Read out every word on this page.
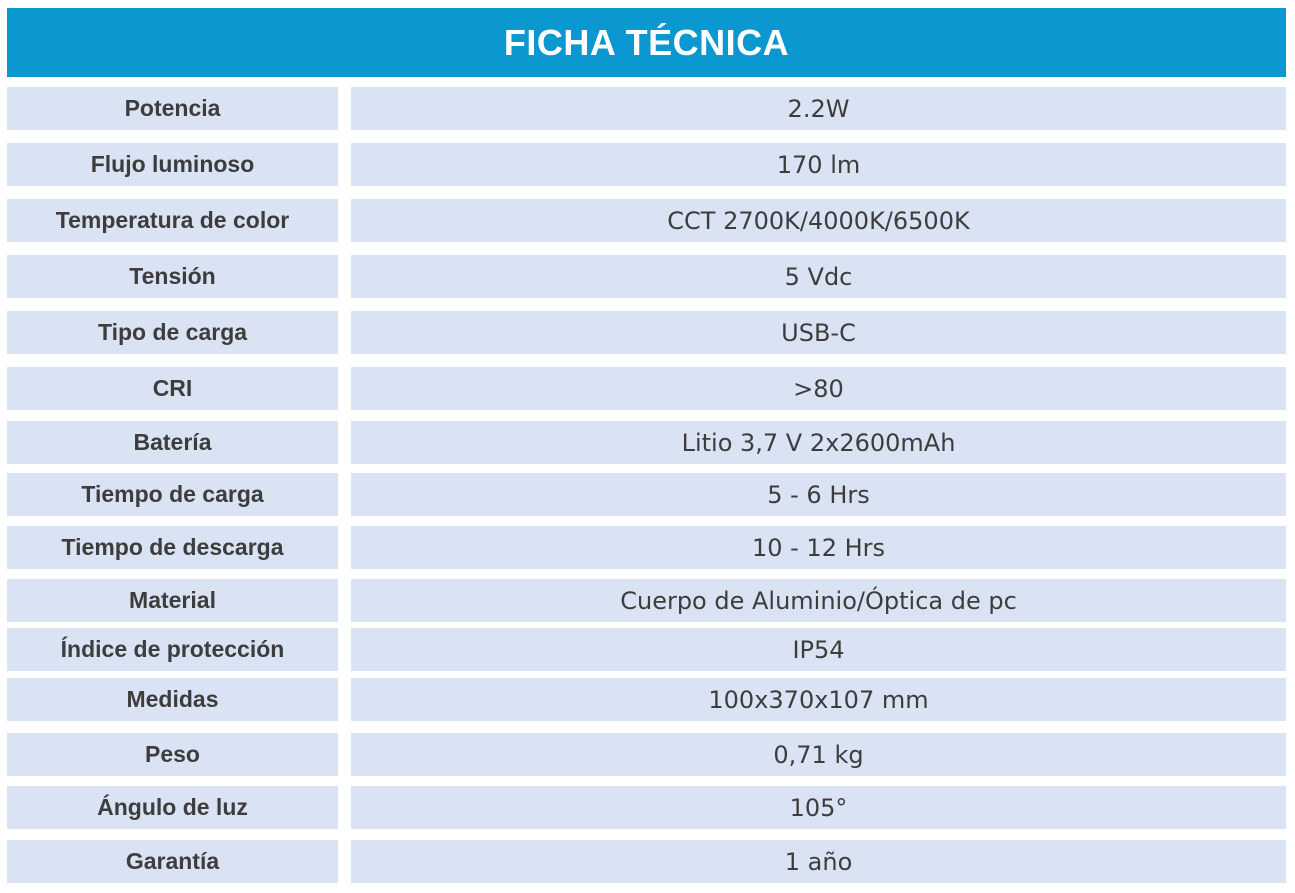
FICHA TÉCNICA
Potencia	2.2W
Flujo luminoso	170 lm
Temperatura de color	CCT 2700K/4000K/6500K
Tensión	5 Vdc
Tipo de carga	USB-C
CRI	>80
Batería	Litio 3,7 V 2x2600mAh
Tiempo de carga	5 - 6 Hrs
Tiempo de descarga	10 - 12 Hrs
Material	Cuerpo de Aluminio/Óptica de pc
Índice de protección	IP54
Medidas	100x370x107 mm
Peso	0,71 kg
Ángulo de luz	105°
Garantía	1 año
